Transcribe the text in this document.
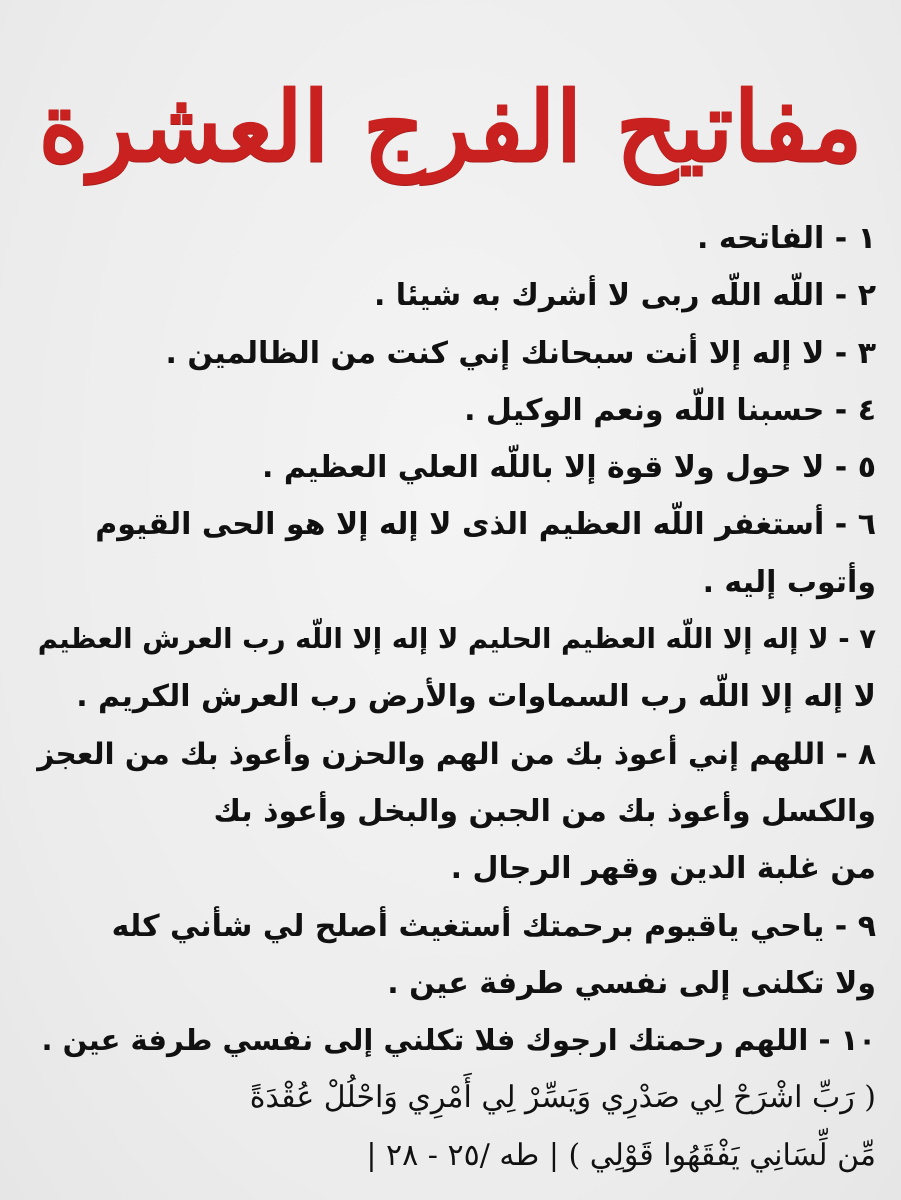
مفاتيح الفرج العشرة
١ - الفاتحه .
٢ - اللّه اللّه ربى لا أشرك به شيئا .
٣ - لا إله إلا أنت سبحانك إني كنت من الظالمين .
٤ - حسبنا اللّه ونعم الوكيل .
٥ - لا حول ولا قوة إلا باللّه العلي العظيم .
٦ - أستغفر اللّه العظيم الذى لا إله إلا هو الحى القيوم
وأتوب إليه .
٧ - لا إله إلا اللّه العظيم الحليم لا إله إلا اللّه رب العرش العظيم
لا إله إلا اللّه رب السماوات والأرض رب العرش الكريم .
٨ - اللهم إني أعوذ بك من الهم والحزن وأعوذ بك من العجز
والكسل وأعوذ بك من الجبن والبخل وأعوذ بك
من غلبة الدين وقهر الرجال .
٩ - ياحي ياقيوم برحمتك أستغيث أصلح لي شأني كله
ولا تكلنى إلى نفسي طرفة عين .
١٠ - اللهم رحمتك ارجوك فلا تكلني إلى نفسي طرفة عين .
( رَبِّ اشْرَحْ لِي صَدْرِي وَيَسِّرْ لِي أَمْرِي وَاحْلُلْ عُقْدَةً
مِّن لِّسَانِي يَفْقَهُوا قَوْلِي ) | طه /٢٥ - ٢٨ |
